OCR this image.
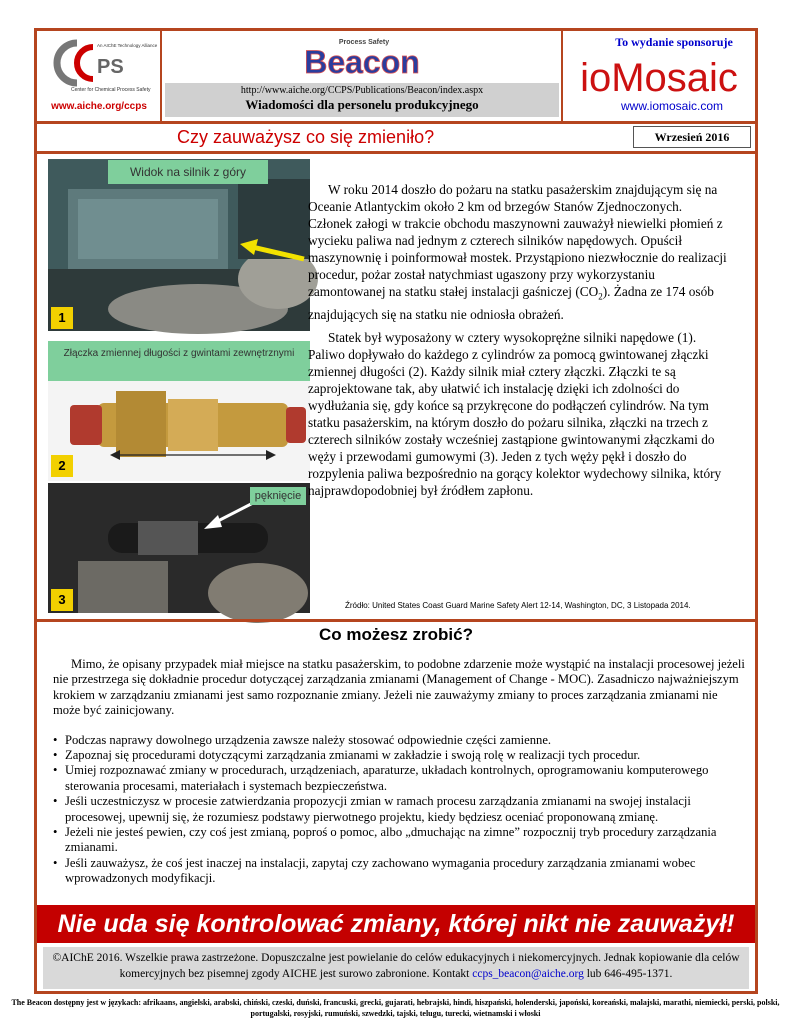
PS
An AIChE Technology Alliance
Center for Chemical Process Safety
www.aiche.org/ccps
Process Safety
Beacon
http://www.aiche.org/CCPS/Publications/Beacon/index.aspx
Wiadomości dla personelu produkcyjnego
To wydanie sponsoruje
ioMosaic
www.iomosaic.com
Czy zauważysz co się zmieniło?	Wrzesień 2016
Widok na silnik z góry
1
Złączka zmiennej długości z gwintami zewnętrznymi
2
pęknięcie
3

W roku 2014 doszło do pożaru na statku pasażerskim znajdującym się na Oceanie Atlantyckim około 2 km od brzegów Stanów Zjednoczonych. Członek załogi w trakcie obchodu maszynowni zauważył niewielki płomień z wycieku paliwa nad jednym z czterech silników napędowych. Opuścił maszynownię i poinformował mostek. Przystąpiono niezwłocznie do realizacji procedur, pożar został natychmiast ugaszony przy wykorzystaniu zamontowanej na statku stałej instalacji gaśniczej $(CO_2)$. Żadna ze 174 osób znajdujących się na statku nie odniosła obrażeń.

Statek był wyposażony w cztery wysokoprężne silniki napędowe (1). Paliwo dopływało do każdego z cylindrów za pomocą gwintowanej złączki zmiennej długości (2). Każdy silnik miał cztery złączki. Złączki te są zaprojektowane tak, aby ułatwić ich instalację dzięki ich zdolności do wydłużania się, gdy końce są przykręcone do podłączeń cylindrów. Na tym statku pasażerskim, na którym doszło do pożaru silnika, złączki na trzech z czterech silników zostały wcześniej zastąpione gwintowanymi złączkami do węży i przewodami gumowymi (3). Jeden z tych węży pękł i doszło do rozpylenia paliwa bezpośrednio na gorący kolektor wydechowy silnika, który najprawdopodobniej był źródłem zapłonu.

Źródło: United States Coast Guard Marine Safety Alert 12-14, Washington, DC, 3 Listopada 2014.
Co możesz zrobić?

Mimo, że opisany przypadek miał miejsce na statku pasażerskim, to podobne zdarzenie może wystąpić na instalacji procesowej jeżeli nie przestrzega się dokładnie procedur dotyczącej zarządzania zmianami (Management of Change - MOC). Zasadniczo najważniejszym krokiem w zarządzaniu zmianami jest samo rozpoznanie zmiany. Jeżeli nie zauważymy zmiany to proces zarządzania zmianami nie może być zainicjowany.

• Podczas naprawy dowolnego urządzenia zawsze należy stosować odpowiednie części zamienne.
• Zapoznaj się procedurami dotyczącymi zarządzania zmianami w zakładzie i swoją rolę w realizacji tych procedur.
• Umiej rozpoznawać zmiany w procedurach, urządzeniach, aparaturze, układach kontrolnych, oprogramowaniu komputerowego sterowania procesami, materiałach i systemach bezpieczeństwa.
• Jeśli uczestniczysz w procesie zatwierdzania propozycji zmian w ramach procesu zarządzania zmianami na swojej instalacji procesowej, upewnij się, że rozumiesz podstawy pierwotnego projektu, kiedy będziesz oceniać proponowaną zmianę.
• Jeżeli nie jesteś pewien, czy coś jest zmianą, poproś o pomoc, albo „dmuchając na zimne” rozpocznij tryb procedury zarządzania zmianami.
• Jeśli zauważysz, że coś jest inaczej na instalacji, zapytaj czy zachowano wymagania procedury zarządzania zmianami wobec wprowadzonych modyfikacji.
Nie uda się kontrolować zmiany, której nikt nie zauważył!
©AIChE 2016. Wszelkie prawa zastrzeżone. Dopuszczalne jest powielanie do celów edukacyjnych i niekomercyjnych. Jednak kopiowanie dla celów komercyjnych bez pisemnej zgody AICHE jest surowo zabronione. Kontakt ccps_beacon@aiche.org lub 646-495-1371.
The Beacon dostępny jest w językach: afrikaans, angielski, arabski, chiński, czeski, duński, francuski, grecki, gujarati, hebrajski, hindi, hiszpański, holenderski, japoński, koreański, malajski, marathi, niemiecki, perski, polski, portugalski, rosyjski, rumuński, szwedzki, tajski, telugu, turecki, wietnamski i włoski
